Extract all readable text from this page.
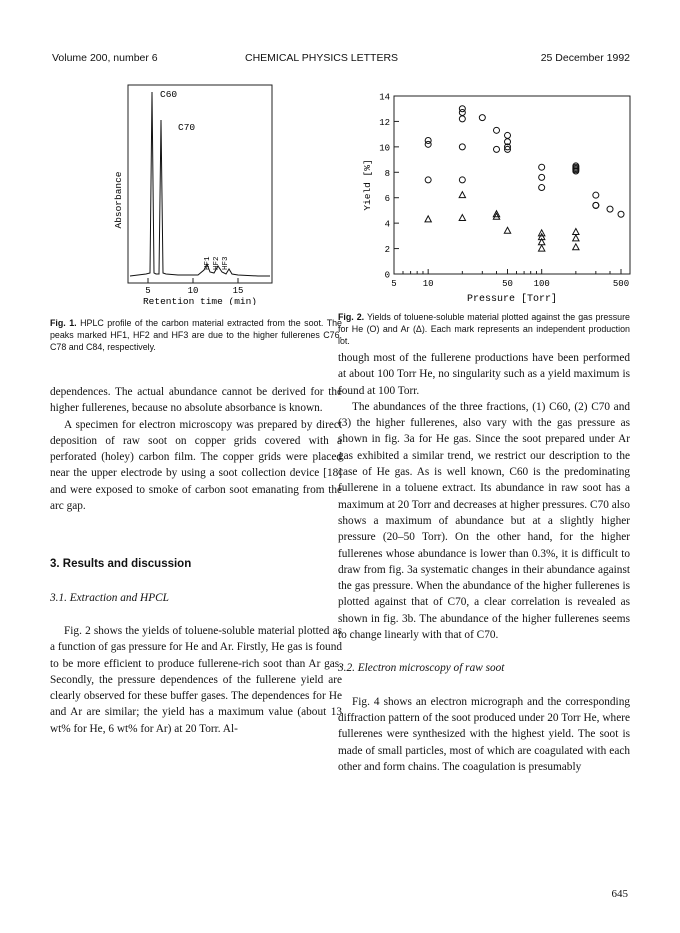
Volume 200, number 6	CHEMICAL PHYSICS LETTERS	25 December 1992
Absorbance
C60
C70
HF1 HF2 HF3
5	10	15
Retention time (min)
Fig. 1. HPLC profile of the carbon material extracted from the soot. The peaks marked HF1, HF2 and HF3 are due to the higher fullerenes C76, C78 and C84, respectively.
0
2
4
6
8
10
12
14
5	10	50 100	500
Pressure [Torr]
Yield [%]
Fig. 2. Yields of toluene-soluble material plotted against the gas pressure for He (O) and Ar (Δ). Each mark represents an independent production lot.

dependences. The actual abundance cannot be derived for the higher fullerenes, because no absolute absorbance is known.

A specimen for electron microscopy was prepared by direct deposition of raw soot on copper grids covered with a perforated (holey) carbon film. The copper grids were placed near the upper electrode by using a soot collection device [18] and were exposed to smoke of carbon soot emanating from the arc gap.

3. Results and discussion

3.1. Extraction and HPCL

Fig. 2 shows the yields of toluene-soluble material plotted as a function of gas pressure for He and Ar. Firstly, He gas is found to be more efficient to produce fullerene-rich soot than Ar gas. Secondly, the pressure dependences of the fullerene yield are clearly observed for these buffer gases. The dependences for He and Ar are similar; the yield has a maximum value (about 13 wt% for He, 6 wt% for Ar) at 20 Torr. Al-

though most of the fullerene productions have been performed at about 100 Torr He, no singularity such as a yield maximum is found at 100 Torr.

The abundances of the three fractions, (1) C60, (2) C70 and (3) the higher fullerenes, also vary with the gas pressure as shown in fig. 3a for He gas. Since the soot prepared under Ar gas exhibited a similar trend, we restrict our description to the case of He gas. As is well known, C60 is the predominating fullerene in a toluene extract. Its abundance in raw soot has a maximum at 20 Torr and decreases at higher pressures. C70 also shows a maximum of abundance but at a slightly higher pressure (20–50 Torr). On the other hand, for the higher fullerenes whose abundance is lower than 0.3%, it is difficult to draw from fig. 3a systematic changes in their abundance against the gas pressure. When the abundance of the higher fullerenes is plotted against that of C70, a clear correlation is revealed as shown in fig. 3b. The abundance of the higher fullerenes seems to change linearly with that of C70.

3.2. Electron microscopy of raw soot

Fig. 4 shows an electron micrograph and the corresponding diffraction pattern of the soot produced under 20 Torr He, where fullerenes were synthesized with the highest yield. The soot is made of small particles, most of which are coagulated with each other and form chains. The coagulation is presumably

645
